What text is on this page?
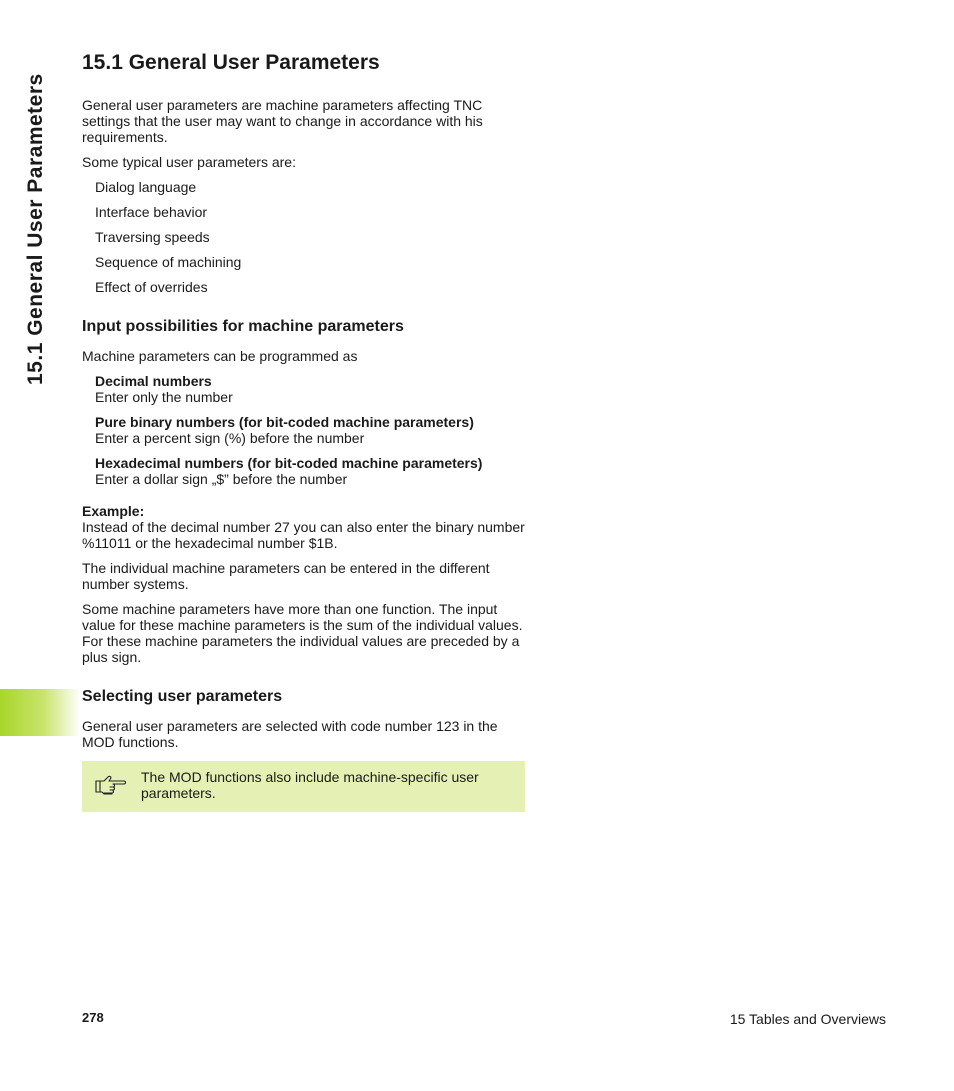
15.1 General User Parameters
15.1 General User Parameters

General user parameters are machine parameters affecting TNC settings that the user may want to change in accordance with his requirements.

Some typical user parameters are:

Dialog language
Interface behavior
Traversing speeds
Sequence of machining
Effect of overrides
Input possibilities for machine parameters

Machine parameters can be programmed as

Decimal numbers
Enter only the number
Pure binary numbers (for bit-coded machine parameters)
Enter a percent sign (%) before the number
Hexadecimal numbers (for bit-coded machine parameters)
Enter a dollar sign „$” before the number

Example:
Instead of the decimal number 27 you can also enter the binary number %11011 or the hexadecimal number $1B.

The individual machine parameters can be entered in the different number systems.

Some machine parameters have more than one function. The input value for these machine parameters is the sum of the individual values. For these machine parameters the individual values are preceded by a plus sign.

Selecting user parameters

General user parameters are selected with code number 123 in the MOD functions.

The MOD functions also include machine-specific user parameters.
278	15 Tables and Overviews
